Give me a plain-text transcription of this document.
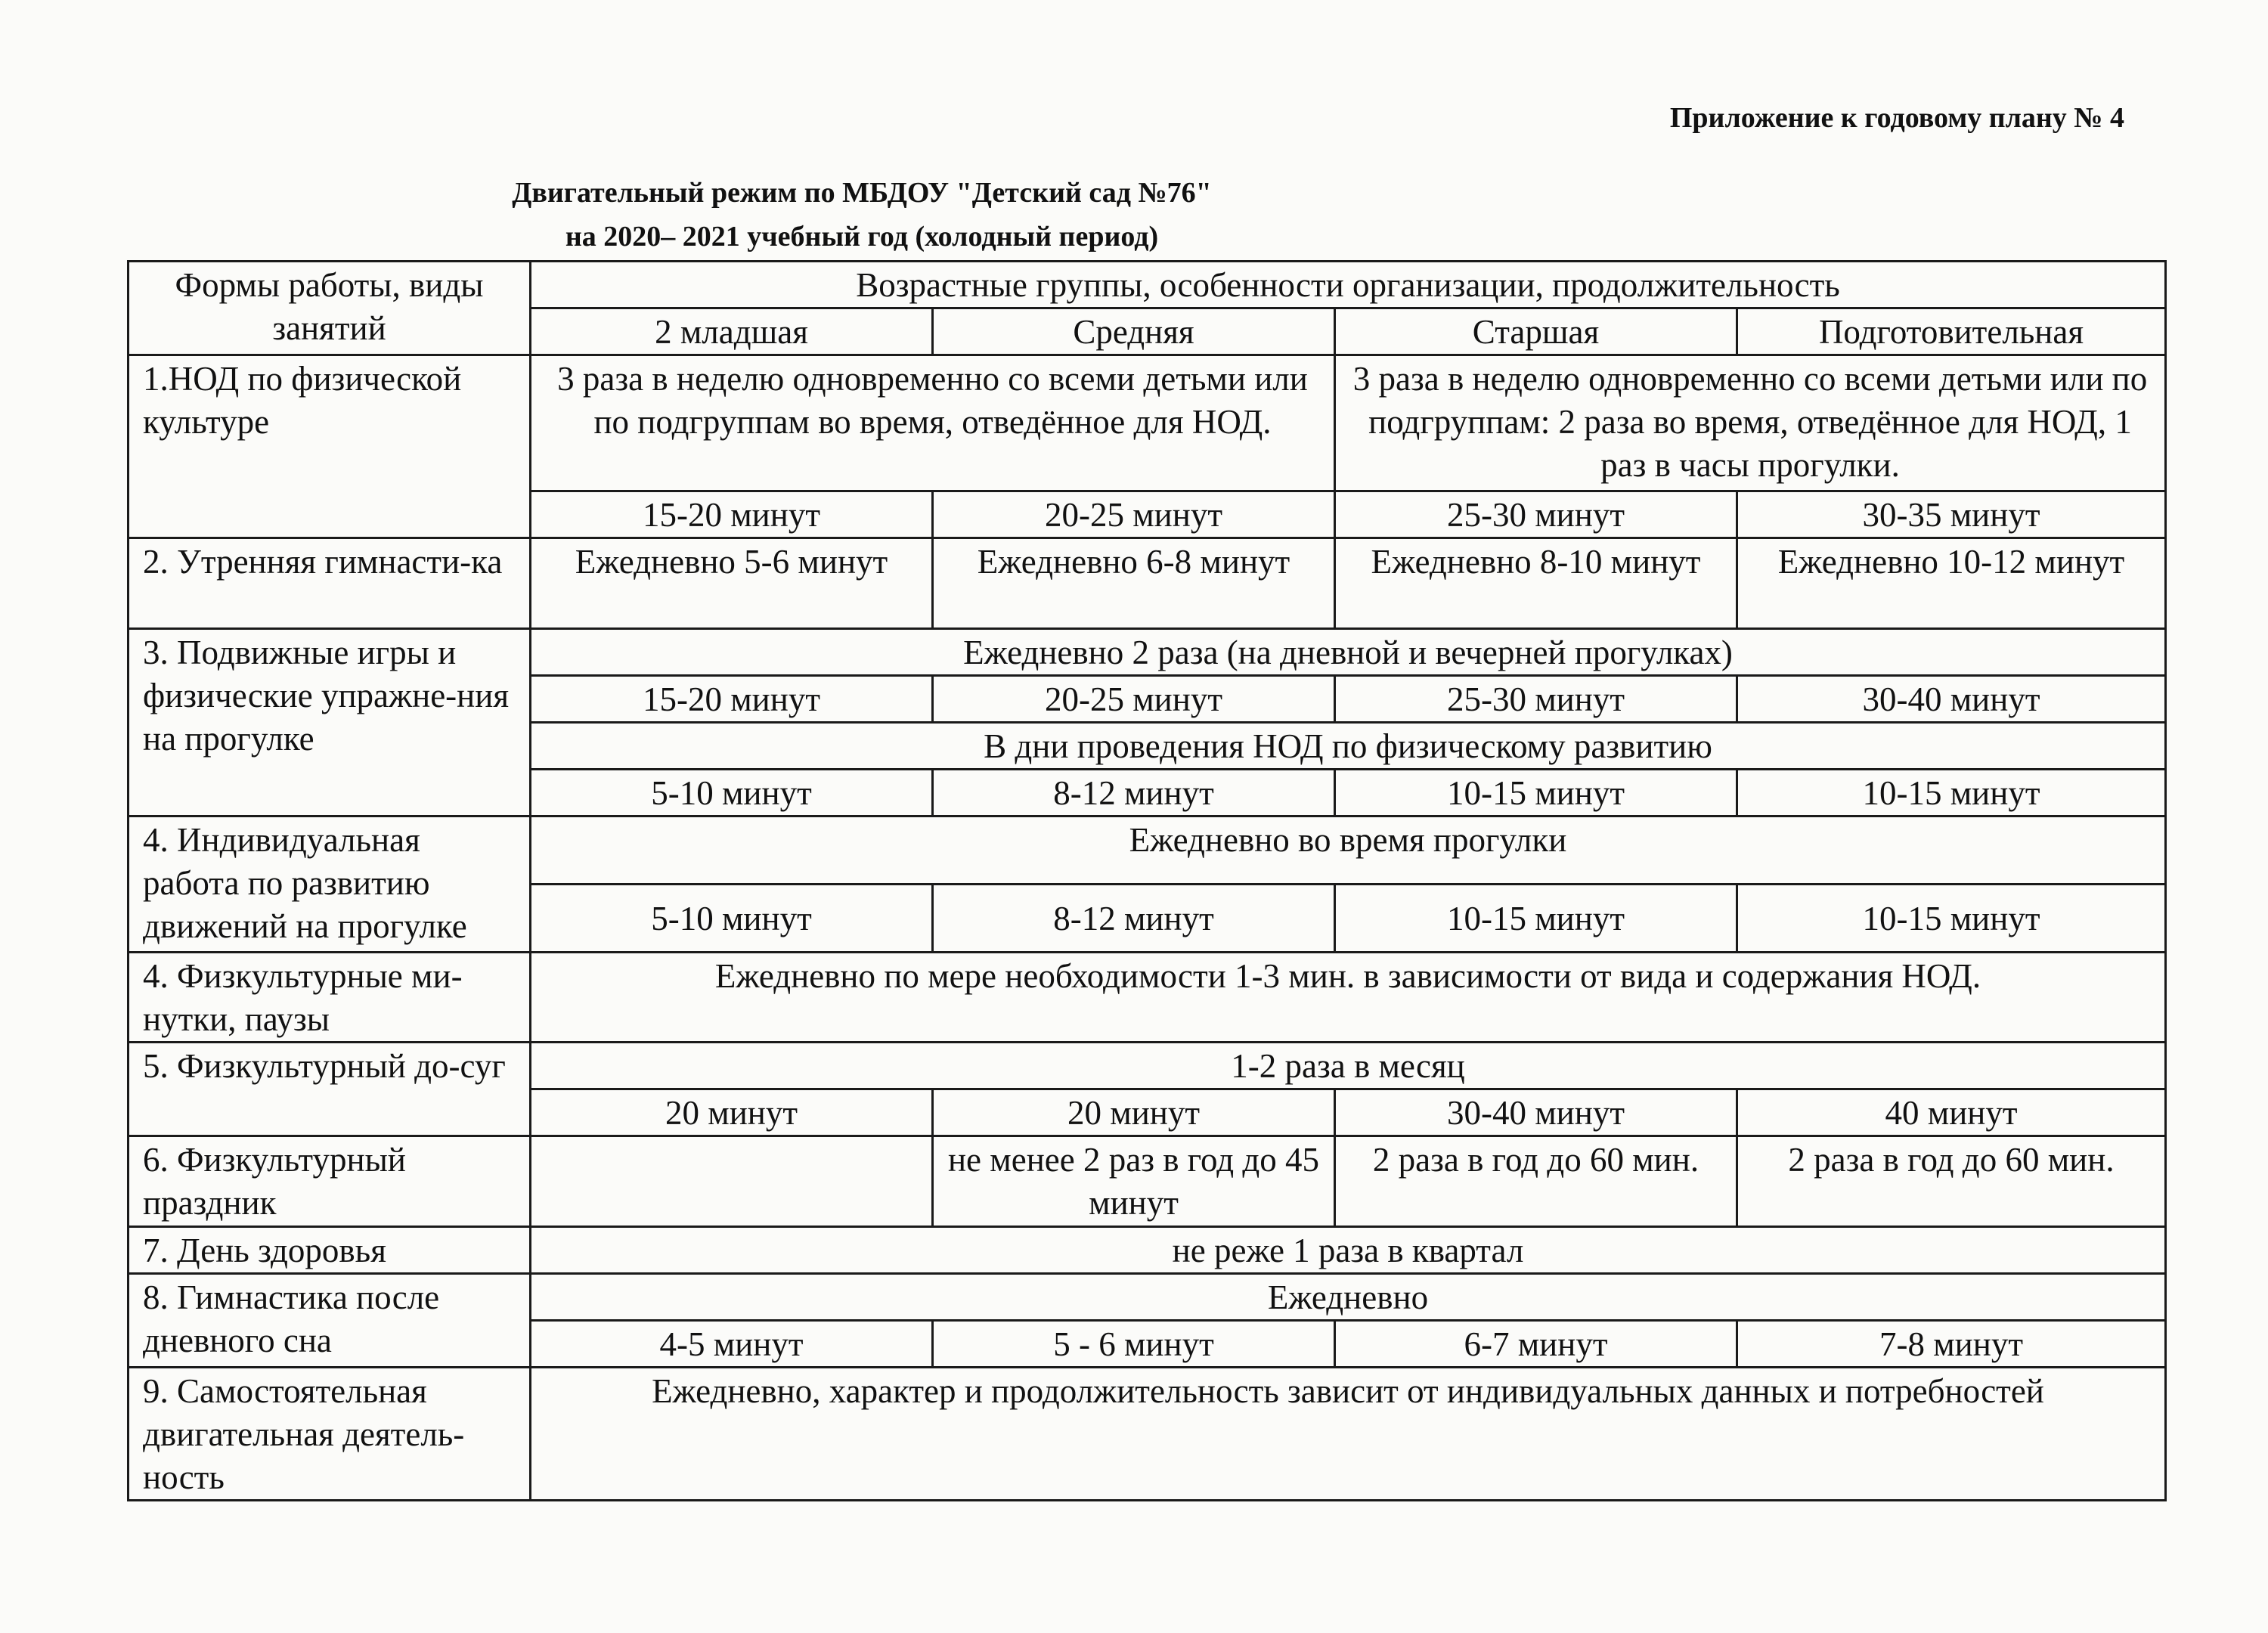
Приложение к годовому плану № 4
Двигательный режим по МБДОУ "Детский сад №76"
на 2020– 2021 учебный год (холодный период)
Формы работы, виды занятий	Возрастные группы, особенности организации, продолжительность			
	2 младшая	Средняя	Старшая	Подготовительная
1.НОД по физической культуре	3 раза в неделю одновременно со всеми детьми или по подгруппам во время, отведённое для НОД.		3 раза в неделю одновременно со всеми детьми или по подгруппам: 2 раза во время, отведённое для НОД, 1 раз в часы прогулки.	
	15-20 минут	20-25 минут	25-30 минут	30-35 минут
2. Утренняя гимнасти-ка	Ежедневно 5-6 минут	Ежедневно 6-8 минут	Ежедневно 8-10 минут	Ежедневно 10-12 минут
3. Подвижные игры и физические упражне-ния на прогулке	Ежедневно 2 раза (на дневной и вечерней прогулках)			
	15-20 минут	20-25 минут	25-30 минут	30-40 минут
	В дни проведения НОД по физическому развитию			
	5-10 минут	8-12 минут	10-15 минут	10-15 минут
4. Индивидуальная работа по развитию движений на прогулке	Ежедневно во время прогулки			
	5-10 минут	8-12 минут	10-15 минут	10-15 минут
4. Физкультурные ми-нутки, паузы	Ежедневно по мере необходимости 1-3 мин. в зависимости от вида и содержания НОД.			
5. Физкультурный до-суг	1-2 раза в месяц			
	20 минут	20 минут	30-40 минут	40 минут
6. Физкультурный праздник		не менее 2 раз в год до 45 минут	2 раза в год до 60 мин.	2 раза в год до 60 мин.
7. День здоровья	не реже 1 раза в квартал			
8. Гимнастика после дневного сна	Ежедневно			
	4-5 минут	5 - 6 минут	6-7 минут	7-8 минут
9. Самостоятельная двигательная деятель-ность	Ежедневно, характер и продолжительность зависит от индивидуальных данных и потребностей			
